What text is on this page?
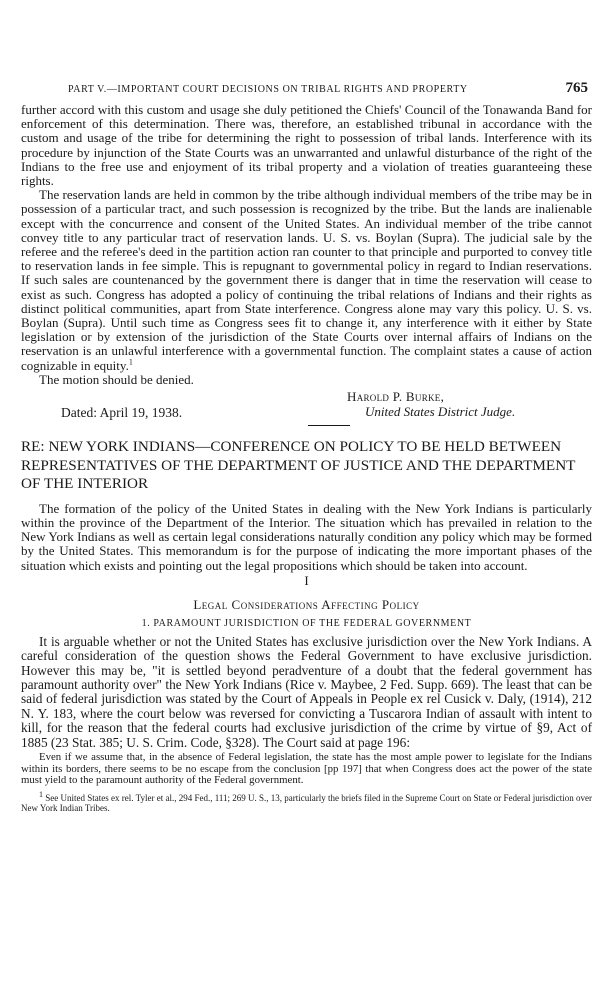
PART V.—IMPORTANT COURT DECISIONS ON TRIBAL RIGHTS AND PROPERTY	765

further accord with this custom and usage she duly petitioned the Chiefs' Council of the Tonawanda Band for enforcement of this determination. There was, therefore, an established tribunal in accordance with the custom and usage of the tribe for determining the right to possession of tribal lands. Interference with its procedure by injunction of the State Courts was an unwarranted and unlawful disturbance of the right of the Indians to the free use and enjoyment of its tribal property and a violation of treaties guaranteeing these rights.

The reservation lands are held in common by the tribe although individual members of the tribe may be in possession of a particular tract, and such possession is recognized by the tribe. But the lands are inalienable except with the concurrence and consent of the United States. An individual member of the tribe cannot convey title to any particular tract of reservation lands. U. S. vs. Boylan (Supra). The judicial sale by the referee and the referee's deed in the partition action ran counter to that principle and purported to convey title to reservation lands in fee simple. This is repugnant to governmental policy in regard to Indian reservations. If such sales are countenanced by the government there is danger that in time the reservation will cease to exist as such. Congress has adopted a policy of continuing the tribal relations of Indians and their rights as distinct political communities, apart from State interference. Congress alone may vary this policy. U. S. vs. Boylan (Supra). Until such time as Congress sees fit to change it, any interference with it either by State legislation or by extension of the jurisdiction of the State Courts over internal affairs of Indians on the reservation is an unlawful interference with a governmental function. The complaint states a cause of action cognizable in equity.$^1$

The motion should be denied.

Harold P. Burke,
United States District Judge.
Dated: April 19, 1938.
RE: NEW YORK INDIANS—CONFERENCE ON POLICY TO BE HELD BETWEEN REPRESENTATIVES OF THE DEPARTMENT OF JUSTICE AND THE DEPARTMENT OF THE INTERIOR

The formation of the policy of the United States in dealing with the New York Indians is particularly within the province of the Department of the Interior. The situation which has prevailed in relation to the New York Indians as well as certain legal considerations naturally condition any policy which may be formed by the United States. This memorandum is for the purpose of indicating the more important phases of the situation which exists and pointing out the legal propositions which should be taken into account.

I
Legal Considerations Affecting Policy
1. PARAMOUNT JURISDICTION OF THE FEDERAL GOVERNMENT

It is arguable whether or not the United States has exclusive jurisdiction over the New York Indians. A careful consideration of the question shows the Federal Government to have exclusive jurisdiction. However this may be, "it is settled beyond peradventure of a doubt that the federal government has paramount authority over" the New York Indians (Rice v. Maybee, 2 Fed. Supp. 669). The least that can be said of federal jurisdiction was stated by the Court of Appeals in People ex rel Cusick v. Daly, (1914), 212 N. Y. 183, where the court below was reversed for convicting a Tuscarora Indian of assault with intent to kill, for the reason that the federal courts had exclusive jurisdiction of the crime by virtue of §9, Act of 1885 (23 Stat. 385; U. S. Crim. Code, §328). The Court said at page 196:

Even if we assume that, in the absence of Federal legislation, the state has the most ample power to legislate for the Indians within its borders, there seems to be no escape from the conclusion [pp 197] that when Congress does act the power of the state must yield to the paramount authority of the Federal government.

$^1$ See United States ex rel. Tyler et al., 294 Fed., 111; 269 U. S., 13, particularly the briefs filed in the Supreme Court on State or Federal jurisdiction over New York Indian Tribes.
